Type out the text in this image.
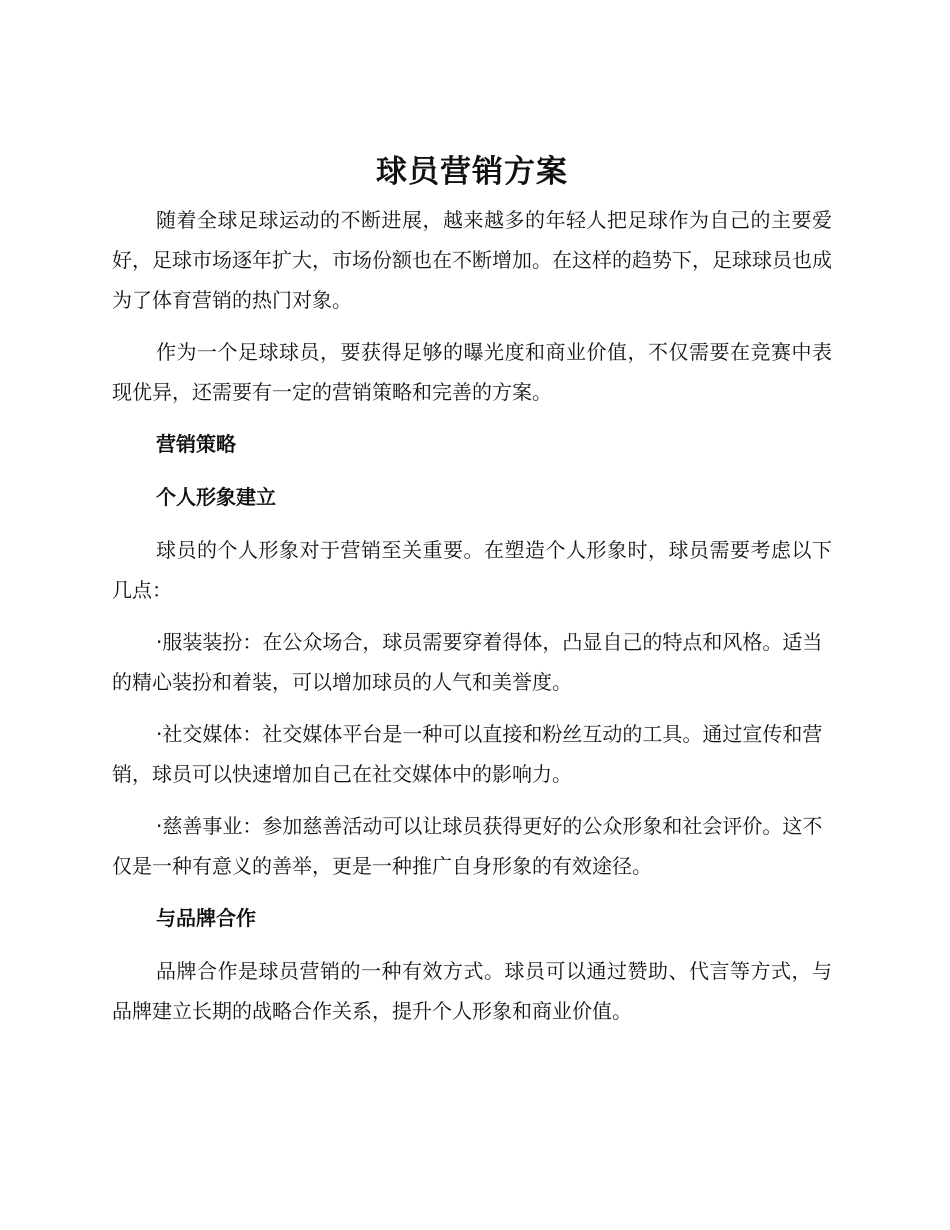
球员营销方案

随着全球足球运动的不断进展，越来越多的年轻人把足球作为自己的主要爱好，足球市场逐年扩大，市场份额也在不断增加。在这样的趋势下，足球球员也成为了体育营销的热门对象。

作为一个足球球员，要获得足够的曝光度和商业价值，不仅需要在竞赛中表现优异，还需要有一定的营销策略和完善的方案。

营销策略
个人形象建立

球员的个人形象对于营销至关重要。在塑造个人形象时，球员需要考虑以下几点：

·服装装扮：在公众场合，球员需要穿着得体，凸显自己的特点和风格。适当的精心装扮和着装，可以增加球员的人气和美誉度。

·社交媒体：社交媒体平台是一种可以直接和粉丝互动的工具。通过宣传和营销，球员可以快速增加自己在社交媒体中的影响力。

·慈善事业：参加慈善活动可以让球员获得更好的公众形象和社会评价。这不仅是一种有意义的善举，更是一种推广自身形象的有效途径。

与品牌合作

品牌合作是球员营销的一种有效方式。球员可以通过赞助、代言等方式，与品牌建立长期的战略合作关系，提升个人形象和商业价值。
